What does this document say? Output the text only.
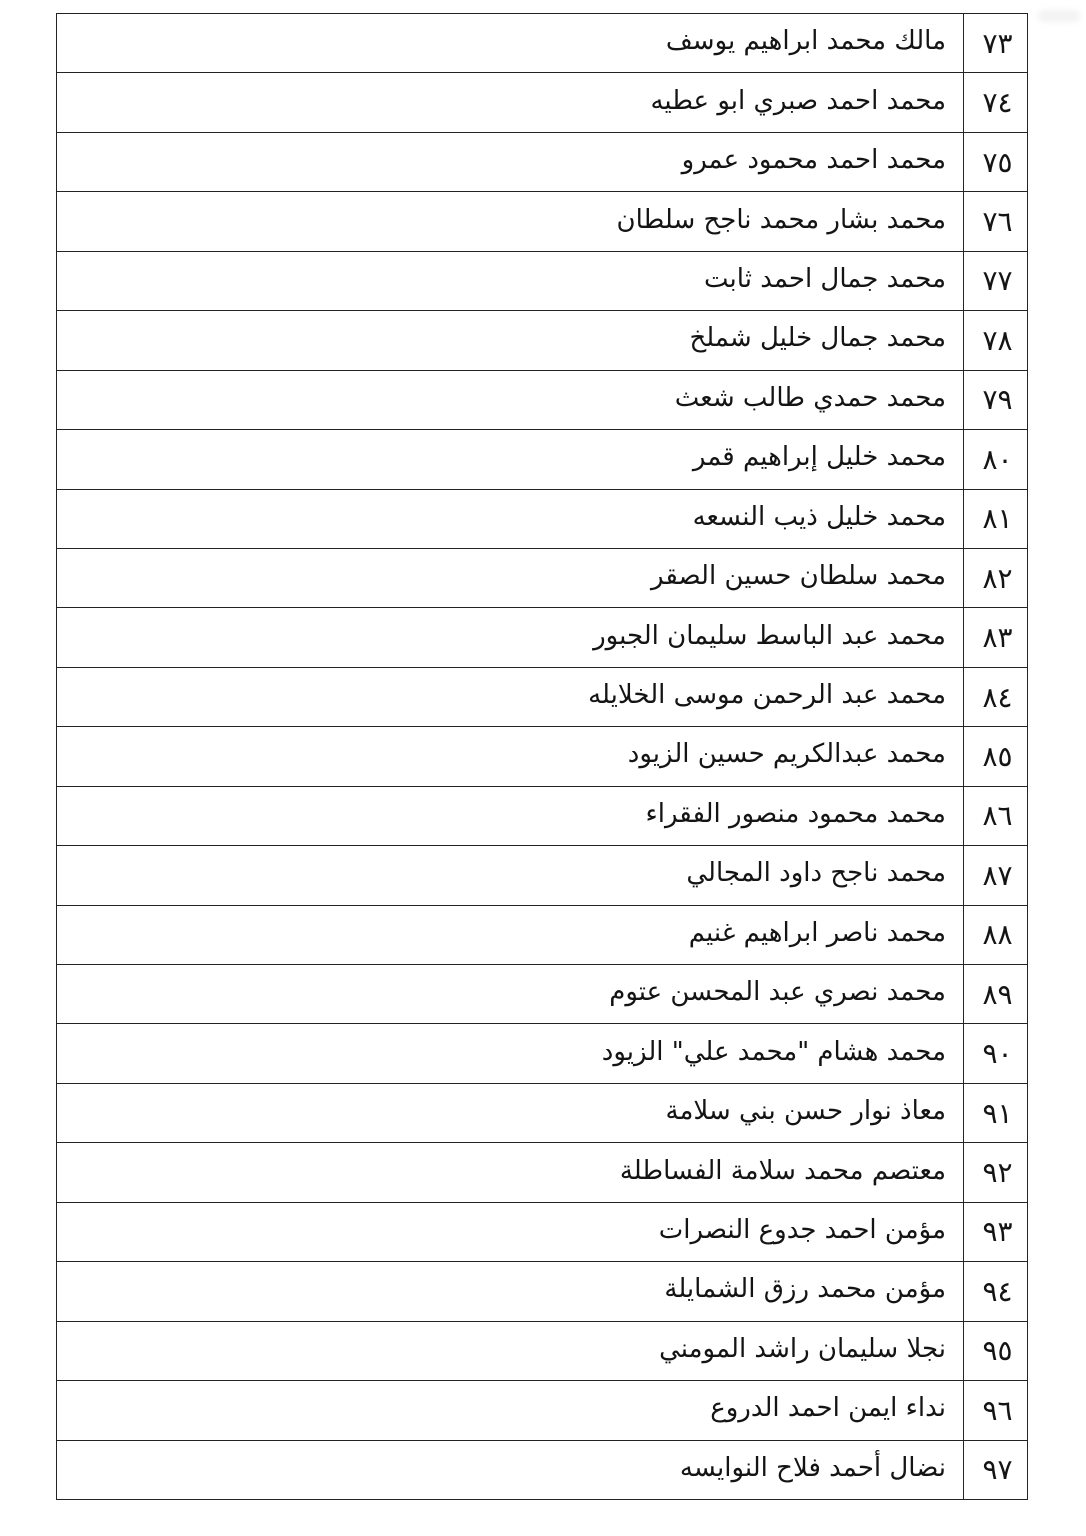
٧٣	مالك محمد ابراهيم يوسف
٧٤	محمد احمد صبري ابو عطيه
٧٥	محمد احمد محمود عمرو
٧٦	محمد بشار محمد ناجح سلطان
٧٧	محمد جمال احمد ثابت
٧٨	محمد جمال خليل شملخ
٧٩	محمد حمدي طالب شعث
٨٠	محمد خليل إبراهيم قمر
٨١	محمد خليل ذيب النسعه
٨٢	محمد سلطان حسين الصقر
٨٣	محمد عبد الباسط سليمان الجبور
٨٤	محمد عبد الرحمن موسى الخلايله
٨٥	محمد عبدالكريم حسين الزيود
٨٦	محمد محمود منصور الفقراء
٨٧	محمد ناجح داود المجالي
٨٨	محمد ناصر ابراهيم غنيم
٨٩	محمد نصري عبد المحسن عتوم
٩٠	محمد هشام "محمد علي" الزيود
٩١	معاذ نوار حسن بني سلامة
٩٢	معتصم محمد سلامة الفساطلة
٩٣	مؤمن احمد جدوع النصرات
٩٤	مؤمن محمد رزق الشمايلة
٩٥	نجلا سليمان راشد المومني
٩٦	نداء ايمن احمد الدروع
٩٧	نضال أحمد فلاح النوايسه
